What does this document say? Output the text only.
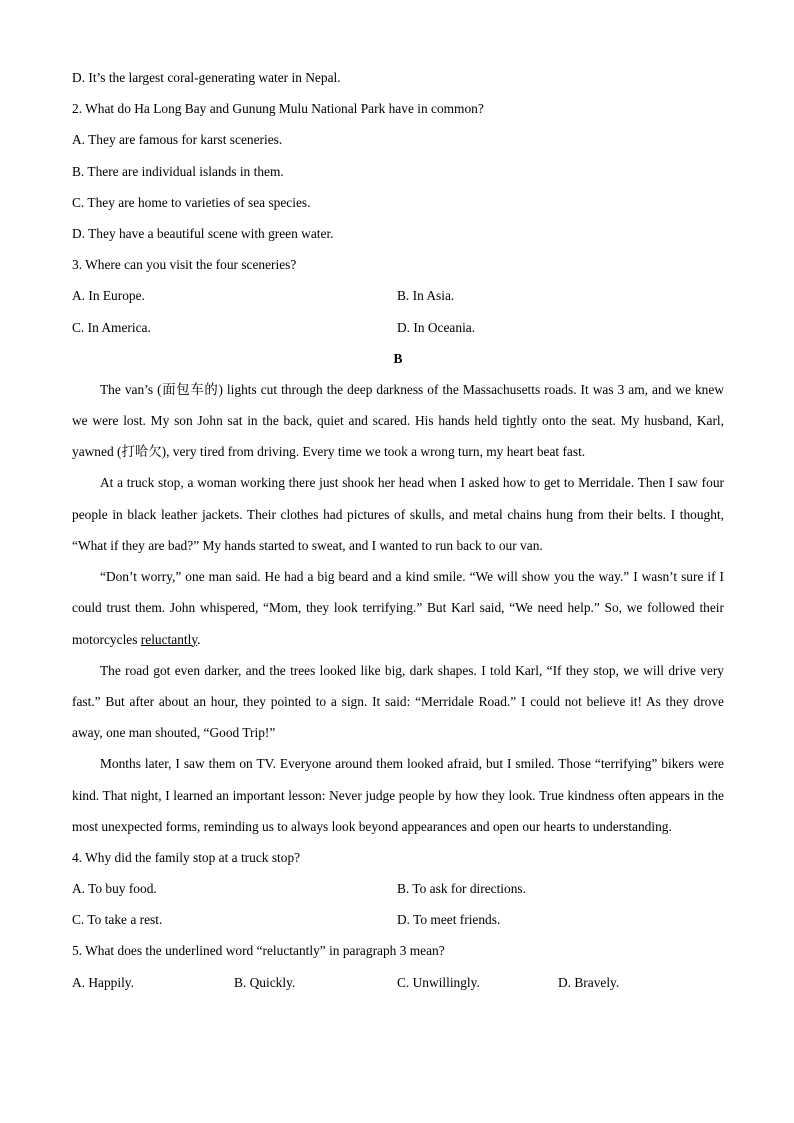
D. It’s the largest coral-generating water in Nepal.
2. What do Ha Long Bay and Gunung Mulu National Park have in common?
A. They are famous for karst sceneries.
B. There are individual islands in them.
C. They are home to varieties of sea species.
D. They have a beautiful scene with green water.
3. Where can you visit the four sceneries?
A. In Europe.	B. In Asia.
C. In America.	D. In Oceania.
B

The van’s (面包车的) lights cut through the deep darkness of the Massachusetts roads. It was 3 am, and we knew we were lost. My son John sat in the back, quiet and scared. His hands held tightly onto the seat. My husband, Karl, yawned (打哈欠), very tired from driving. Every time we took a wrong turn, my heart beat fast.

At a truck stop, a woman working there just shook her head when I asked how to get to Merridale. Then I saw four people in black leather jackets. Their clothes had pictures of skulls, and metal chains hung from their belts. I thought, “What if they are bad?” My hands started to sweat, and I wanted to run back to our van.

“Don’t worry,” one man said. He had a big beard and a kind smile. “We will show you the way.” I wasn’t sure if I could trust them. John whispered, “Mom, they look terrifying.” But Karl said, “We need help.” So, we followed their motorcycles reluctantly.

The road got even darker, and the trees looked like big, dark shapes. I told Karl, “If they stop, we will drive very fast.” But after about an hour, they pointed to a sign. It said: “Merridale Road.” I could not believe it! As they drove away, one man shouted, “Good Trip!”

Months later, I saw them on TV. Everyone around them looked afraid, but I smiled. Those “terrifying” bikers were kind. That night, I learned an important lesson: Never judge people by how they look. True kindness often appears in the most unexpected forms, reminding us to always look beyond appearances and open our hearts to understanding.

4. Why did the family stop at a truck stop?
A. To buy food.	B. To ask for directions.
C. To take a rest.	D. To meet friends.
5. What does the underlined word “reluctantly” in paragraph 3 mean?
A. Happily.	B. Quickly.	C. Unwillingly.	D. Bravely.
